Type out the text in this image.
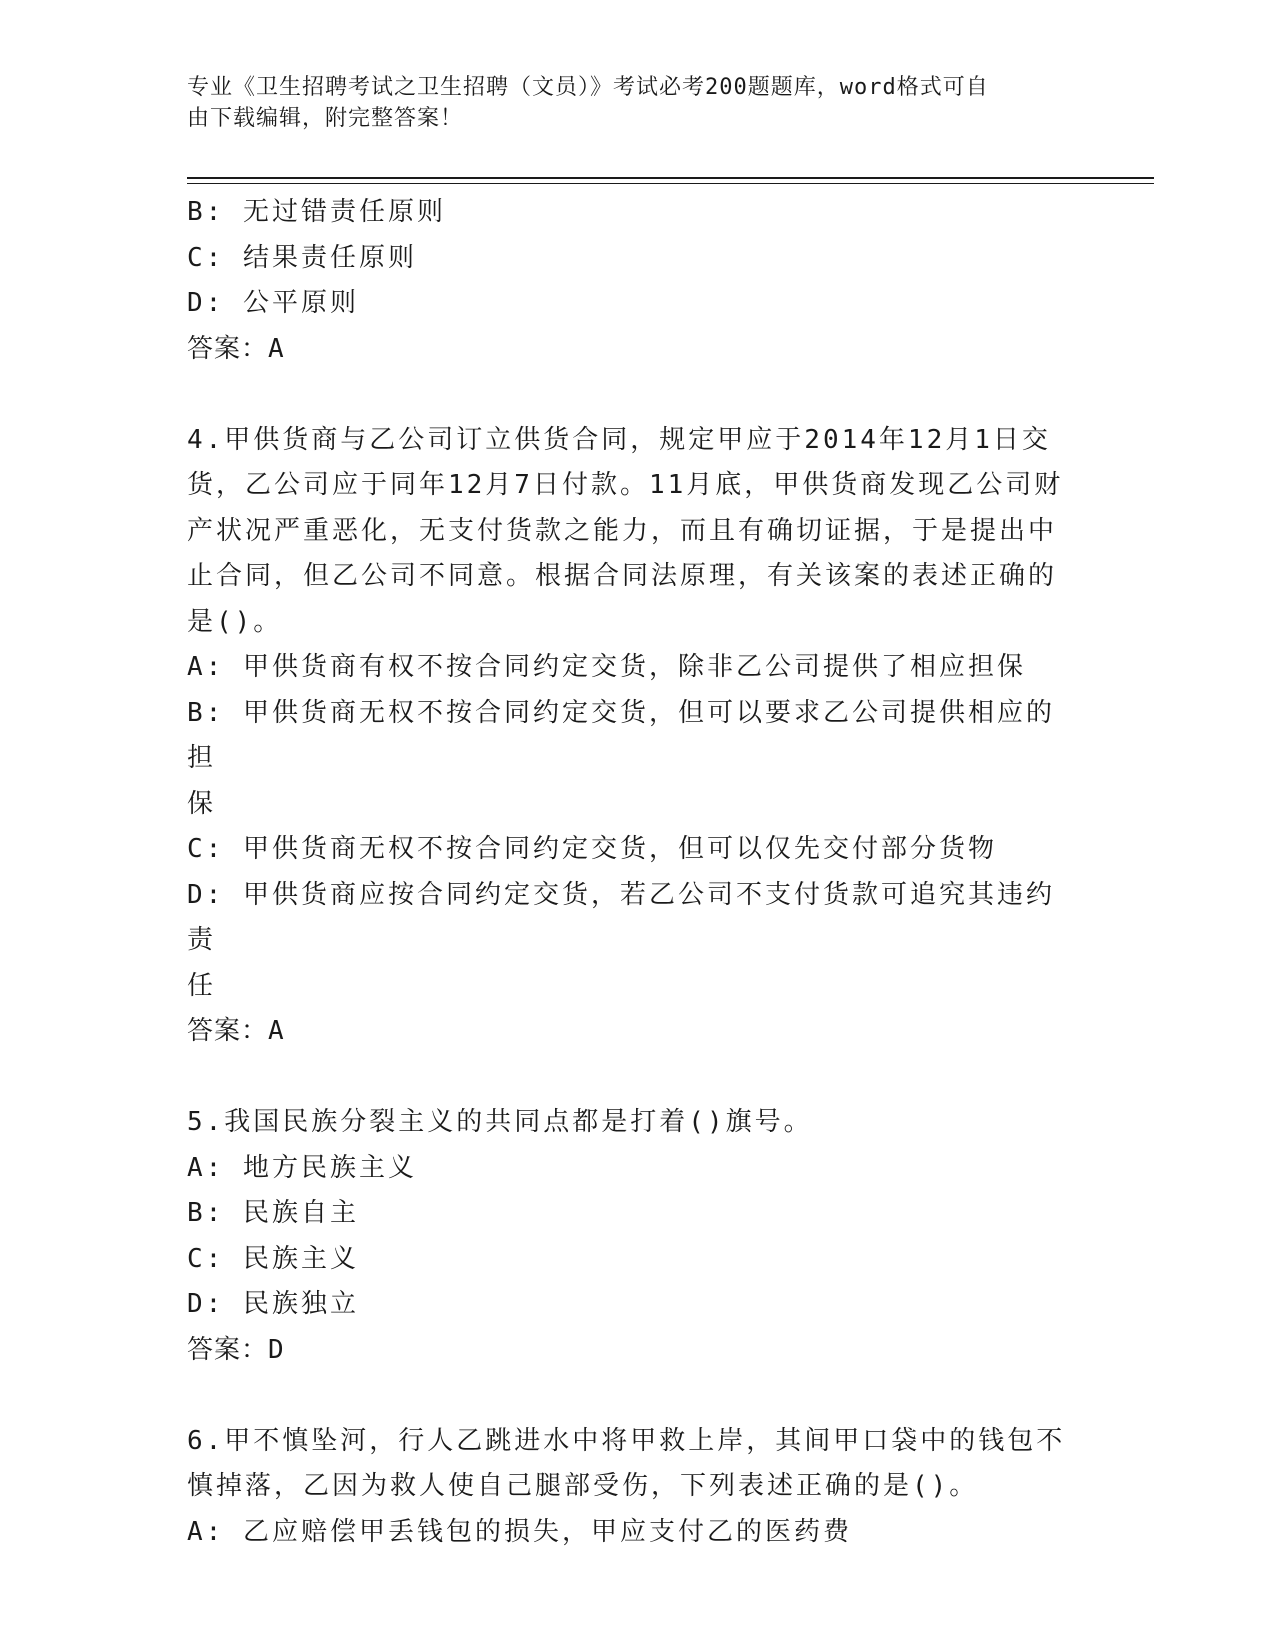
专业《卫生招聘考试之卫生招聘（文员）》考试必考200题题库，word格式可自
由下载编辑，附完整答案！
B: 无过错责任原则
C: 结果责任原则
D: 公平原则
答案：A
4.甲供货商与乙公司订立供货合同，规定甲应于2014年12月1日交
货，乙公司应于同年12月7日付款。11月底，甲供货商发现乙公司财
产状况严重恶化，无支付货款之能力，而且有确切证据，于是提出中
止合同，但乙公司不同意。根据合同法原理，有关该案的表述正确的
是()。
A: 甲供货商有权不按合同约定交货，除非乙公司提供了相应担保
B: 甲供货商无权不按合同约定交货，但可以要求乙公司提供相应的担
保
C: 甲供货商无权不按合同约定交货，但可以仅先交付部分货物
D: 甲供货商应按合同约定交货，若乙公司不支付货款可追究其违约责
任
答案：A
5.我国民族分裂主义的共同点都是打着()旗号。
A: 地方民族主义
B: 民族自主
C: 民族主义
D: 民族独立
答案：D
6.甲不慎坠河，行人乙跳进水中将甲救上岸，其间甲口袋中的钱包不
慎掉落，乙因为救人使自己腿部受伤，下列表述正确的是()。
A: 乙应赔偿甲丢钱包的损失，甲应支付乙的医药费
